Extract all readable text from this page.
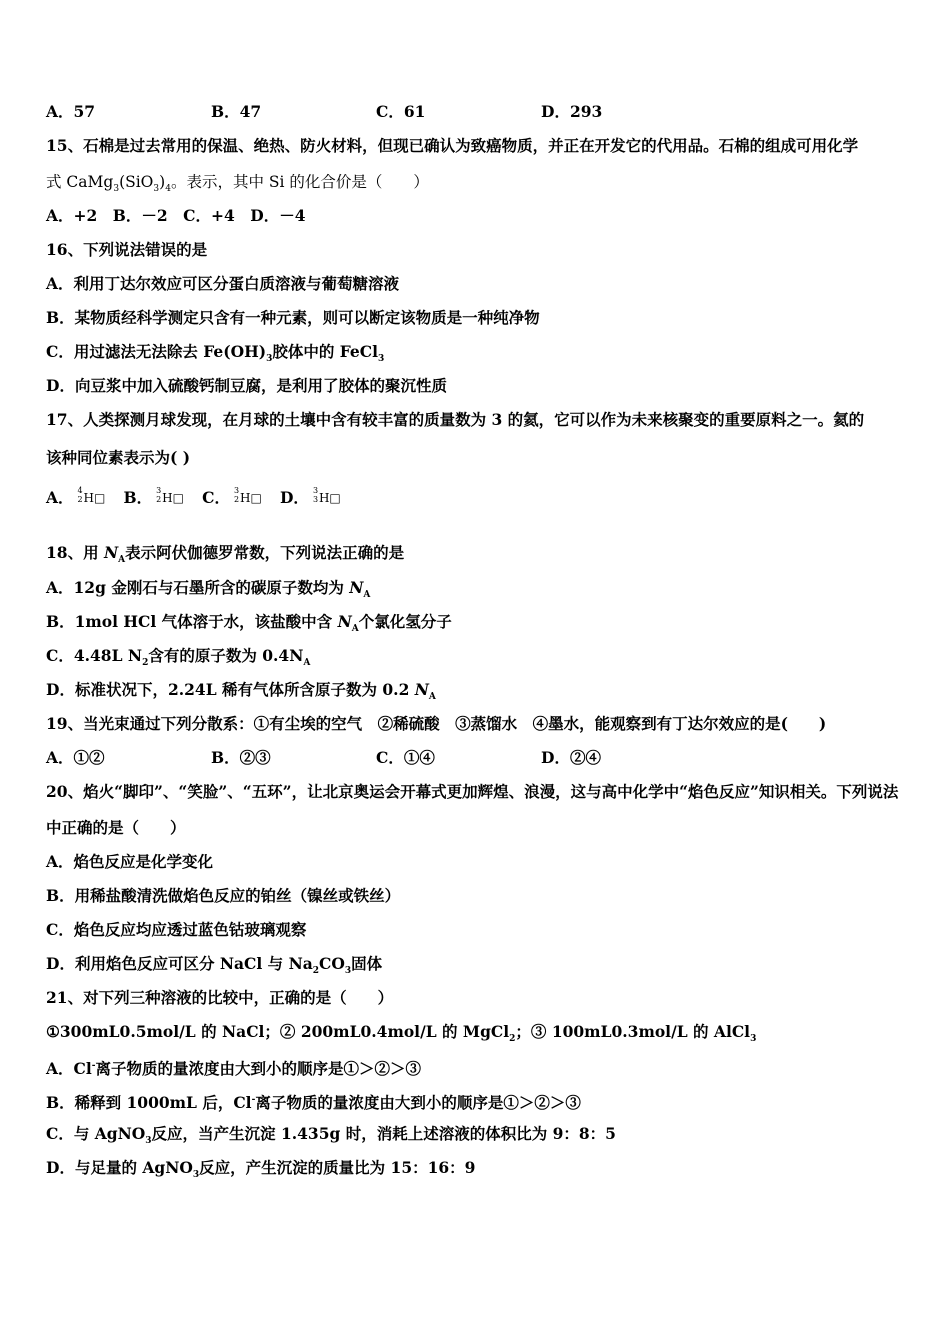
A．57	B．47	C．61	D．293
15、石棉是过去常用的保温、绝热、防火材料，但现已确认为致癌物质，并正在开发它的代用品。石棉的组成可用化学
式 $CaMg_3(SiO_3)_4$。表示，其中 Si 的化合价是（　　）
A．+2　B．－2　C．+4　D．－4
16、下列说法错误的是
A．利用丁达尔效应可区分蛋白质溶液与葡萄糖溶液
B．某物质经科学测定只含有一种元素，则可以断定该物质是一种纯净物
C．用过滤法无法除去 $Fe(OH)_3$胶体中的 FeCl$_3$
D．向豆浆中加入硫酸钙制豆腐，是利用了胶体的聚沉性质
17、人类探测月球发现，在月球的土壤中含有较丰富的质量数为 3 的氦，它可以作为未来核聚变的重要原料之一。氦的
该种同位素表示为( )
A． 4
2 H□ B． 3
2 H□ C． 3
2 H□ D． 3
3 H□
18、用 $N_A$表示阿伏伽德罗常数，下列说法正确的是
A．12g 金刚石与石墨所含的碳原子数均为 $N_A$
B．1mol HCl 气体溶于水，该盐酸中含 $N_A$个氯化氢分子
C．4.48L $N_2$含有的原子数为 $0.4N_A$
D．标准状况下，2.24L 稀有气体所含原子数为 0.2 $N_A$
19、当光束通过下列分散系：①有尘埃的空气　②稀硫酸　③蒸馏水　④墨水，能观察到有丁达尔效应的是(　　)
A．①②	B．②③	C．①④	D．②④
20、焰火“脚印”、“笑脸”、“五环”，让北京奥运会开幕式更加辉煌、浪漫，这与高中化学中“焰色反应”知识相关。下列说法
中正确的是（　　）
A．焰色反应是化学变化
B．用稀盐酸清洗做焰色反应的铂丝（镍丝或铁丝）
C．焰色反应均应透过蓝色钴玻璃观察
D．利用焰色反应可区分 NaCl 与 $Na_2CO_3$固体
21、对下列三种溶液的比较中，正确的是（　　）
①300mL0.5mol/L 的 NaCl；② 200mL0.4mol/L 的 MgCl$_2$；③ 100mL0.3mol/L 的 AlCl$_3$
A．Cl-离子物质的量浓度由大到小的顺序是①＞②＞③
B．稀释到 1000mL 后，Cl-离子物质的量浓度由大到小的顺序是①＞②＞③
C．与 AgNO$_3$反应，当产生沉淀 1.435g 时，消耗上述溶液的体积比为 9：8：5
D．与足量的 AgNO$_3$反应，产生沉淀的质量比为 15：16：9
